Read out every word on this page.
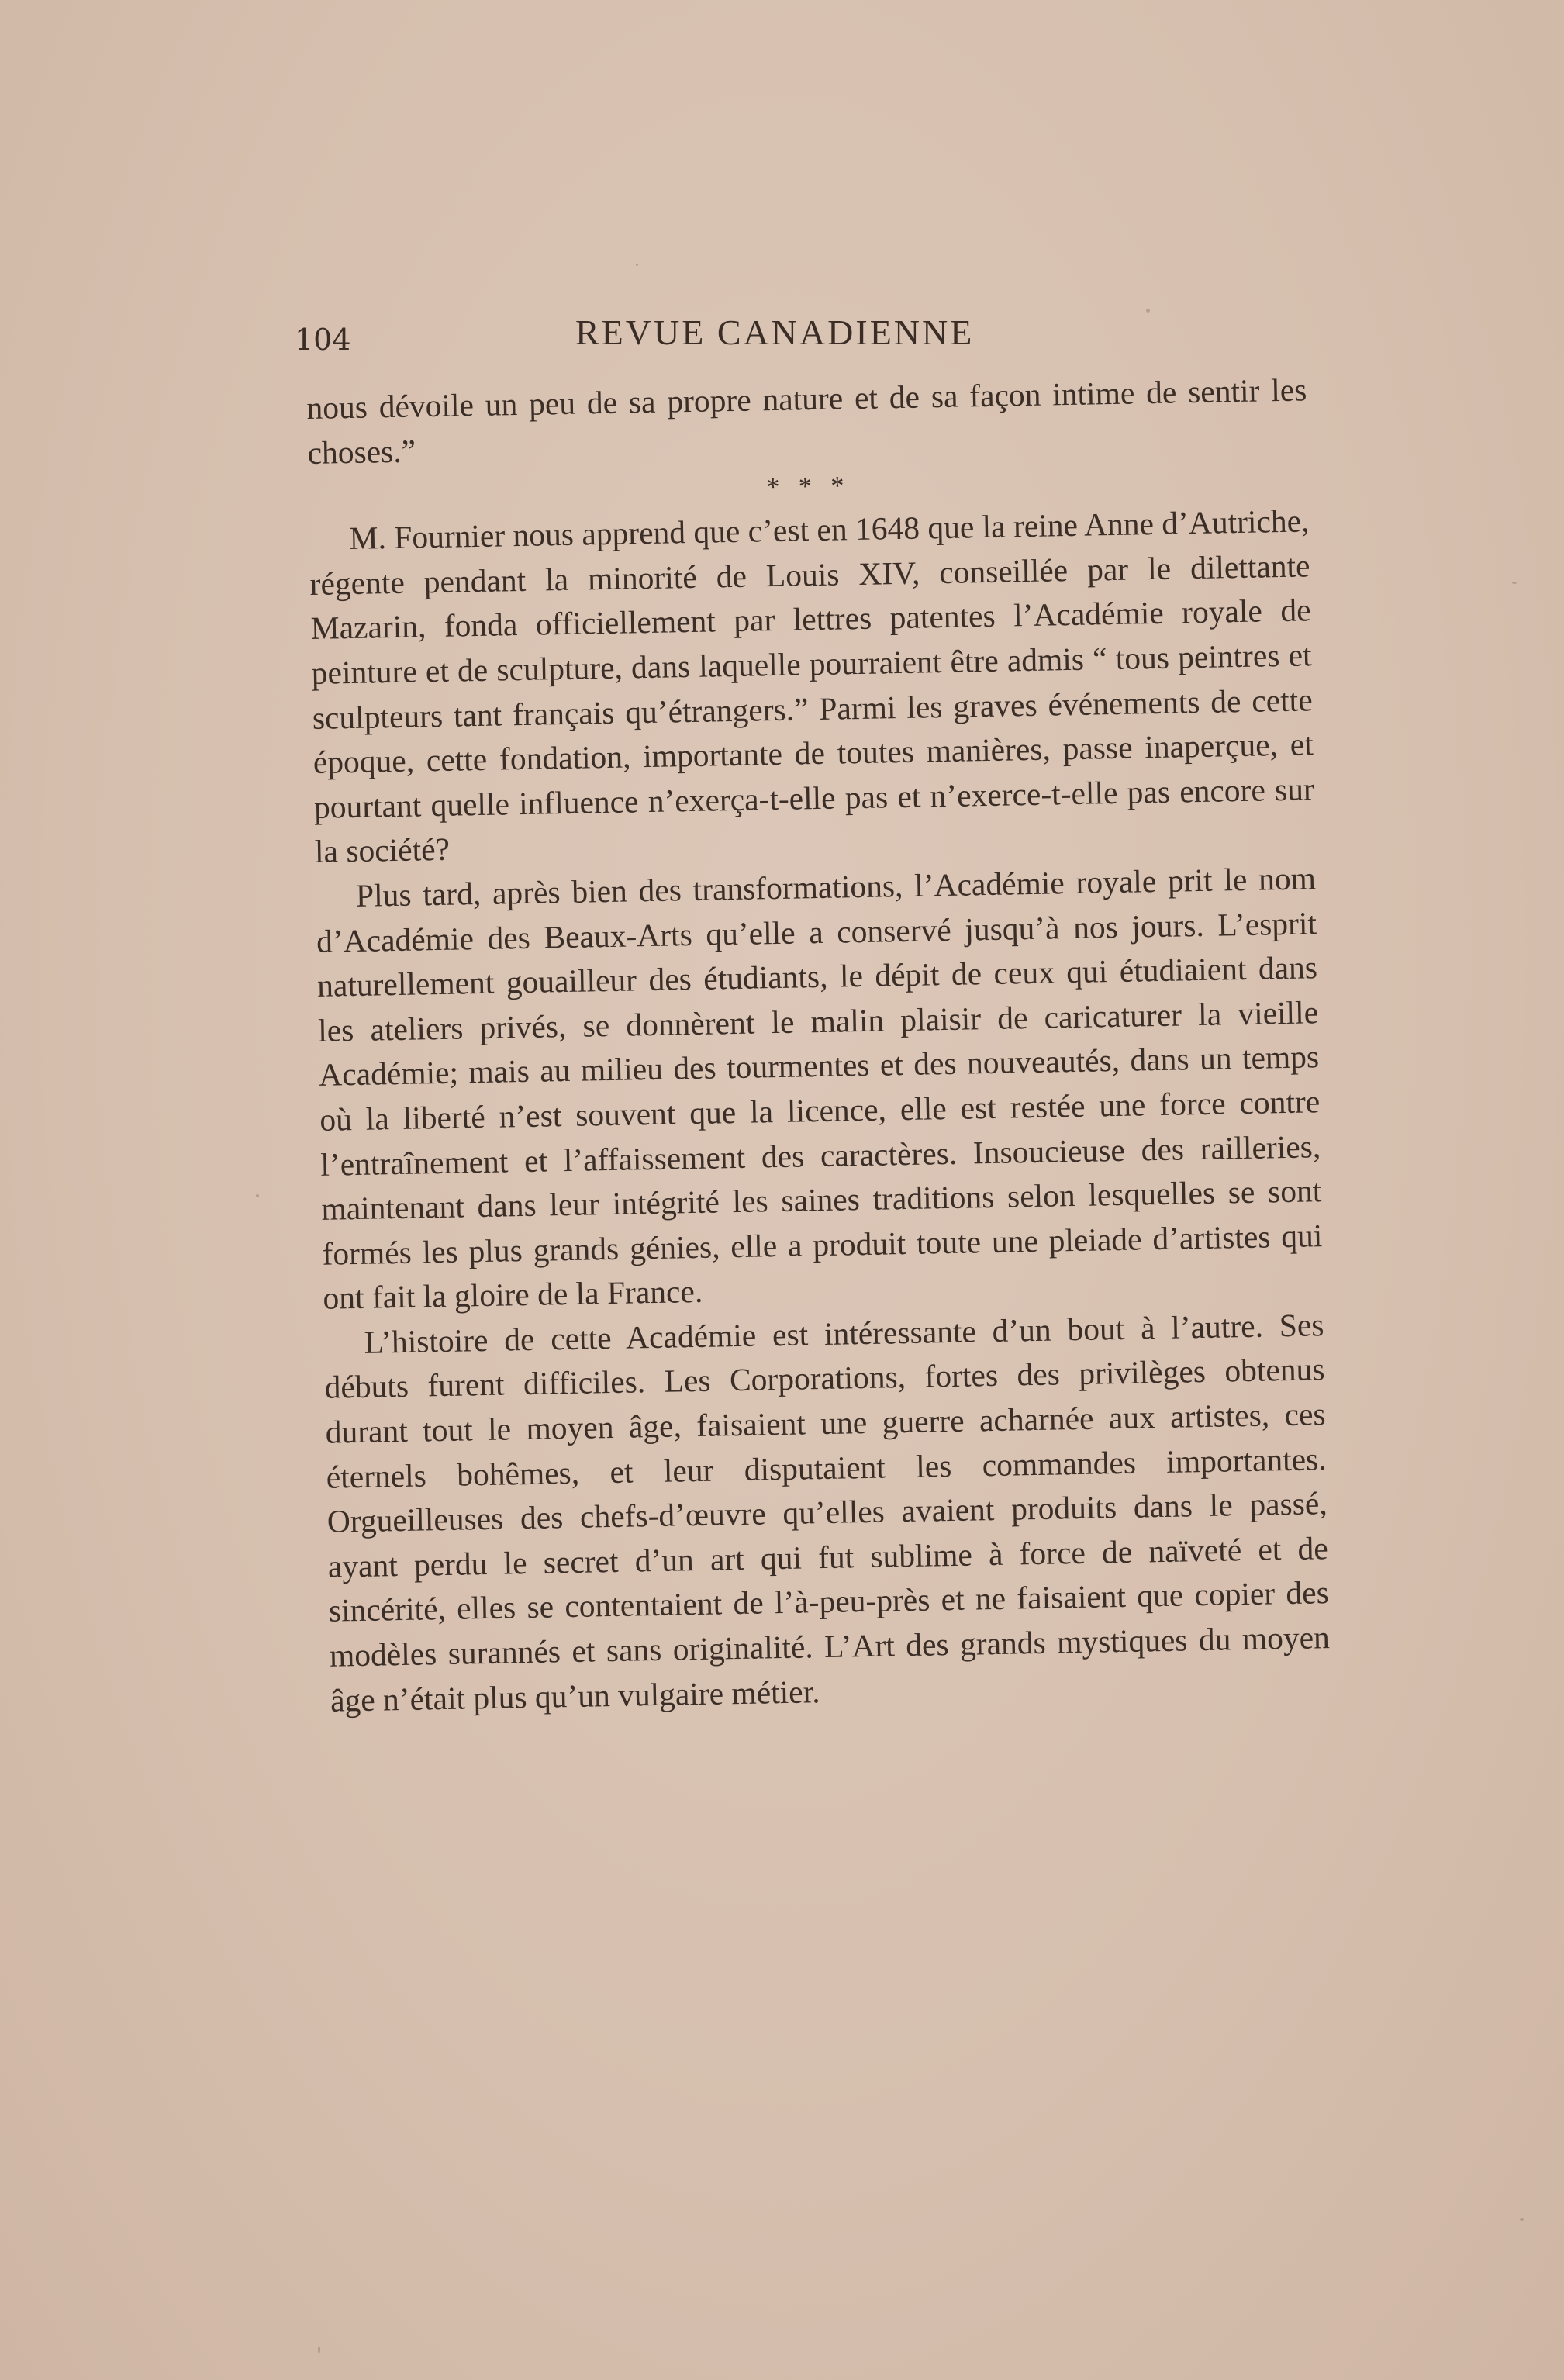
104	REVUE CANADIENNE

nous dévoile un peu de sa propre nature et de sa façon intime de sentir les choses.”

* * *

M. Fournier nous apprend que c’est en 1648 que la reine Anne d’Autriche, régente pendant la minorité de Louis XIV, conseillée par le dilettante Mazarin, fonda officiellement par lettres patentes l’Académie royale de peinture et de sculpture, dans laquelle pourraient être admis “ tous peintres et sculpteurs tant français qu’étrangers.” Parmi les graves événements de cette époque, cette fondation, importante de toutes manières, passe inaperçue, et pourtant quelle influence n’exerça-t-elle pas et n’exerce-t-elle pas encore sur la société?

Plus tard, après bien des transformations, l’Académie royale prit le nom d’Académie des Beaux-Arts qu’elle a conservé jusqu’à nos jours. L’esprit naturellement gouailleur des étudiants, le dépit de ceux qui étudiaient dans les ateliers privés, se donnèrent le malin plaisir de caricaturer la vieille Académie; mais au milieu des tourmentes et des nouveautés, dans un temps où la liberté n’est souvent que la licence, elle est restée une force contre l’entraînement et l’affaissement des caractères. Insoucieuse des railleries, maintenant dans leur intégrité les saines traditions selon lesquelles se sont formés les plus grands génies, elle a produit toute une pleiade d’artistes qui ont fait la gloire de la France.

L’histoire de cette Académie est intéressante d’un bout à l’autre. Ses débuts furent difficiles. Les Corporations, fortes des privilèges obtenus durant tout le moyen âge, faisaient une guerre acharnée aux artistes, ces éternels bohêmes, et leur disputaient les commandes importantes. Orgueilleuses des chefs-d’œuvre qu’elles avaient produits dans le passé, ayant perdu le secret d’un art qui fut sublime à force de naïveté et de sincérité, elles se contentaient de l’à-peu-près et ne faisaient que copier des modèles surannés et sans originalité. L’Art des grands mystiques du moyen âge n’était plus qu’un vulgaire métier.
